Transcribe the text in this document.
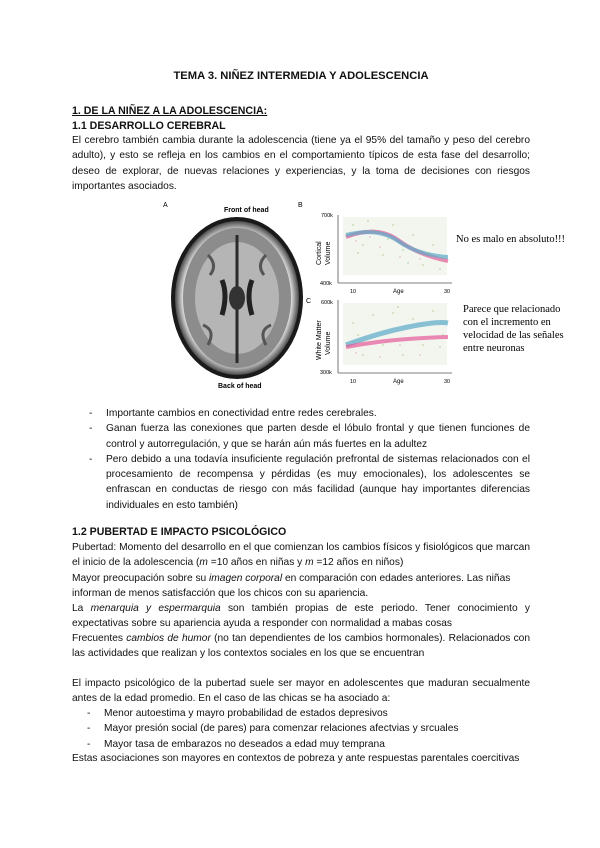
TEMA 3. NIÑEZ INTERMEDIA Y ADOLESCENCIA
1. DE LA NIÑEZ A LA ADOLESCENCIA:
1.1 DESARROLLO CEREBRAL

El cerebro también cambia durante la adolescencia (tiene ya el 95% del tamaño y peso del cerebro adulto), y esto se refleja en los cambios en el comportamiento típicos de esta fase del desarrollo; deseo de explorar, de nuevas relaciones y experiencias, y la toma de decisiones con riesgos importantes asociados.

A
Front of head
Back of head
B
700k
400k
Cortical Volume
10	Age	30
C 600k
300k
White Matter Volume
10	Age	30
No es malo en absoluto!!!
Parece que relacionado
con el incremento en
velocidad de las señales
entre neuronas
- Importante cambios en conectividad entre redes cerebrales.
- Ganan fuerza las conexiones que parten desde el lóbulo frontal y que tienen funciones de control y autorregulación, y que se harán aún más fuertes en la adultez
- Pero debido a una todavía insuficiente regulación prefrontal de sistemas relacionados con el procesamiento de recompensa y pérdidas (es muy emocionales), los adolescentes se enfrascan en conductas de riesgo con más facilidad (aunque hay importantes diferencias individuales en esto también)
1.2 PUBERTAD E IMPACTO PSICOLÓGICO

Pubertad: Momento del desarrollo en el que comienzan los cambios físicos y fisiológicos que marcan el inicio de la adolescencia (m =10 años en niñas y m =12 años en niños)

Mayor preocupación sobre su imagen corporal en comparación con edades anteriores. Las niñas informan de menos satisfacción que los chicos con su apariencia.

La menarquia y espermarquia son también propias de este periodo. Tener conocimiento y expectativas sobre su apariencia ayuda a responder con normalidad a mabas cosas

Frecuentes cambios de humor (no tan dependientes de los cambios hormonales). Relacionados con las actividades que realizan y los contextos sociales en los que se encuentran

El impacto psicológico de la pubertad suele ser mayor en adolescentes que maduran secualmente antes de la edad promedio. En el caso de las chicas se ha asociado a:

- Menor autoestima y mayro probabilidad de estados depresivos
- Mayor presión social (de pares) para comenzar relaciones afectvias y srcuales
- Mayor tasa de embarazos no deseados a edad muy temprana

Estas asociaciones son mayores en contextos de pobreza y ante respuestas parentales coercitivas
